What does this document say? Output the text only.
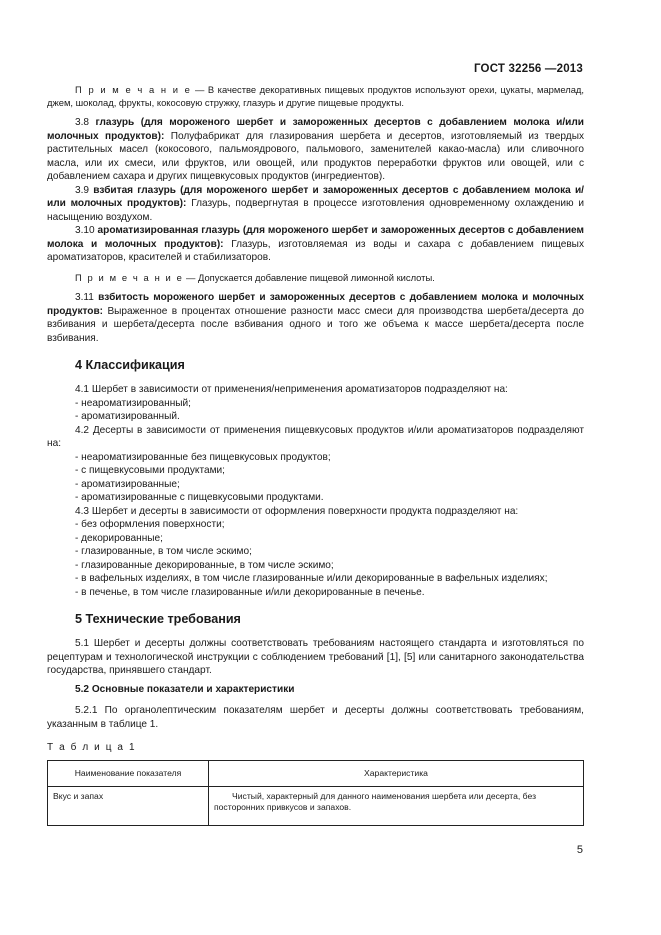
ГОСТ 32256 —2013

П р и м е ч а н и е — В качестве декоративных пищевых продуктов используют орехи, цукаты, мармелад, джем, шоколад, фрукты, кокосовую стружку, глазурь и другие пищевые продукты.

3.8 глазурь (для мороженого шербет и замороженных десертов с добавлением молока и/или молочных продуктов): Полуфабрикат для глазирования шербета и десертов, изготовляемый из твердых растительных масел (кокосового, пальмоядрового, пальмового, заменителей какао-масла) или сливочного масла, или их смеси, или фруктов, или овощей, или продуктов переработки фруктов или овощей, или с добавлением сахара и других пищевкусовых продуктов (ингредиентов).

3.9 взбитая глазурь (для мороженого шербет и замороженных десертов с добавлением молока и/или молочных продуктов): Глазурь, подвергнутая в процессе изготовления одновременному охлаждению и насыщению воздухом.

3.10 ароматизированная глазурь (для мороженого шербет и замороженных десертов с добавлением молока и молочных продуктов): Глазурь, изготовляемая из воды и сахара с добавлением пищевых ароматизаторов, красителей и стабилизаторов.

П р и м е ч а н и е — Допускается добавление пищевой лимонной кислоты.

3.11 взбитость мороженого шербет и замороженных десертов с добавлением молока и молочных продуктов: Выраженное в процентах отношение разности масс смеси для производства шербета/десерта до взбивания и шербета/десерта после взбивания одного и того же объема к массе шербета/десерта после взбивания.

4 Классификация

4.1 Шербет в зависимости от применения/неприменения ароматизаторов подразделяют на:

- неароматизированный;

- ароматизированный.

4.2 Десерты в зависимости от применения пищевкусовых продуктов и/или ароматизаторов подразделяют на:

- неароматизированные без пищевкусовых продуктов;

- с пищевкусовыми продуктами;

- ароматизированные;

- ароматизированные с пищевкусовыми продуктами.

4.3 Шербет и десерты в зависимости от оформления поверхности продукта подразделяют на:

- без оформления поверхности;

- декорированные;

- глазированные, в том числе эскимо;

- глазированные декорированные, в том числе эскимо;

- в вафельных изделиях, в том числе глазированные и/или декорированные в вафельных изделиях;

- в печенье, в том числе глазированные и/или декорированные в печенье.

5 Технические требования

5.1 Шербет и десерты должны соответствовать требованиям настоящего стандарта и изготовляться по рецептурам и технологической инструкции с соблюдением требований [1], [5] или санитарного законодательства государства, принявшего стандарт.

5.2 Основные показатели и характеристики

5.2.1 По органолептическим показателям шербет и десерты должны соответствовать требованиям, указанным в таблице 1.

Т а б л и ц а 1

Наименование показателя	Характеристика
Вкус и запах	Чистый, характерный для данного наименования шербета или десерта, без посторонних привкусов и запахов.
5
